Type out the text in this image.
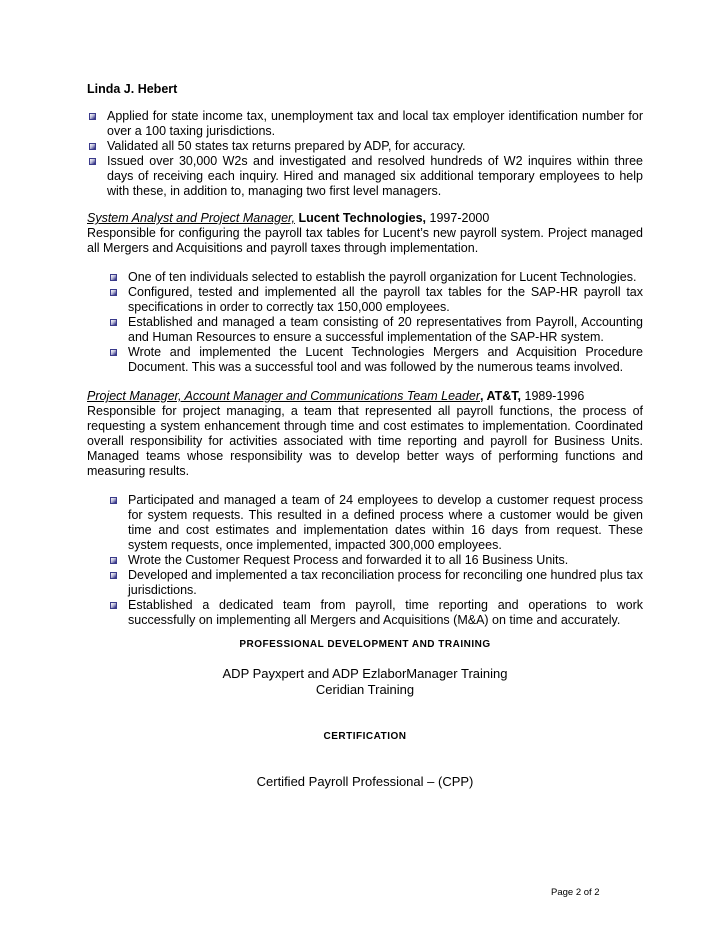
Linda J. Hebert
Applied for state income tax, unemployment tax and local tax employer identification number for over a 100 taxing jurisdictions.
Validated all 50 states tax returns prepared by ADP, for accuracy.
Issued over 30,000 W2s and investigated and resolved hundreds of W2 inquires within three days of receiving each inquiry. Hired and managed six additional temporary employees to help with these, in addition to, managing two first level managers.
System Analyst and Project Manager, Lucent Technologies, 1997-2000
Responsible for configuring the payroll tax tables for Lucent’s new payroll system. Project managed all Mergers and Acquisitions and payroll taxes through implementation.
One of ten individuals selected to establish the payroll organization for Lucent Technologies.
Configured, tested and implemented all the payroll tax tables for the SAP-HR payroll tax specifications in order to correctly tax 150,000 employees.
Established and managed a team consisting of 20 representatives from Payroll, Accounting and Human Resources to ensure a successful implementation of the SAP-HR system.
Wrote and implemented the Lucent Technologies Mergers and Acquisition Procedure Document. This was a successful tool and was followed by the numerous teams involved.
Project Manager, Account Manager and Communications Team Leader, AT&T, 1989-1996
Responsible for project managing, a team that represented all payroll functions, the process of requesting a system enhancement through time and cost estimates to implementation. Coordinated overall responsibility for activities associated with time reporting and payroll for Business Units. Managed teams whose responsibility was to develop better ways of performing functions and measuring results.
Participated and managed a team of 24 employees to develop a customer request process for system requests. This resulted in a defined process where a customer would be given time and cost estimates and implementation dates within 16 days from request. These system requests, once implemented, impacted 300,000 employees.
Wrote the Customer Request Process and forwarded it to all 16 Business Units.
Developed and implemented a tax reconciliation process for reconciling one hundred plus tax jurisdictions.
Established a dedicated team from payroll, time reporting and operations to work successfully on implementing all Mergers and Acquisitions (M&A) on time and accurately.
PROFESSIONAL DEVELOPMENT AND TRAINING
ADP Payxpert and ADP EzlaborManager Training
Ceridian Training
CERTIFICATION
Certified Payroll Professional – (CPP)
Page 2 of 2
